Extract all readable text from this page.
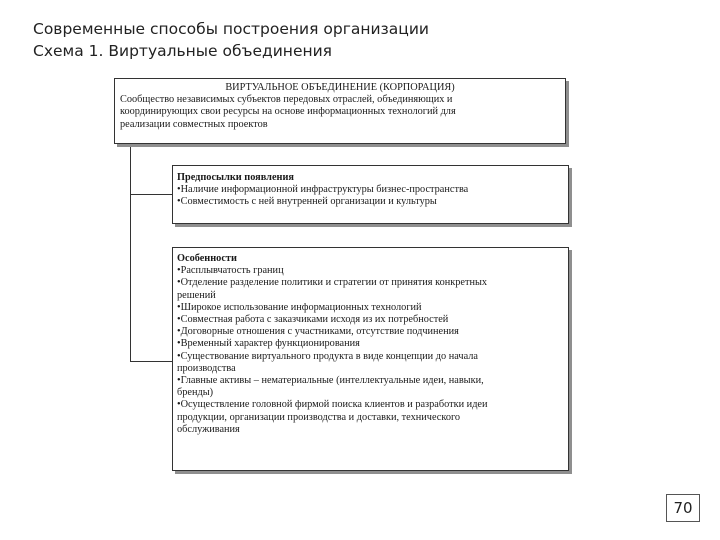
Современные способы построения организации
Схема 1. Виртуальные объединения
ВИРТУАЛЬНОЕ ОБЪЕДИНЕНИЕ (КОРПОРАЦИЯ)
Сообщество независимых субъектов передовых отраслей, объединяющих и
координирующих свои ресурсы на основе информационных технологий для
реализации совместных проектов
Предпосылки появления
•Наличие информационной инфраструктуры бизнес-пространства
•Совместимость с ней внутренней организации и культуры
Особенности
•Расплывчатость границ
•Отделение разделение политики и стратегии от принятия конкретных
решений
•Широкое использование информационных технологий
•Совместная работа с заказчиками исходя из их потребностей
•Договорные отношения с участниками, отсутствие подчинения
•Временный характер функционирования
•Существование виртуального продукта в виде концепции до начала
производства
•Главные активы – нематериальные (интеллектуальные идеи, навыки,
бренды)
•Осуществление головной фирмой поиска клиентов и разработки идеи
продукции, организации производства и доставки, технического
обслуживания
70
